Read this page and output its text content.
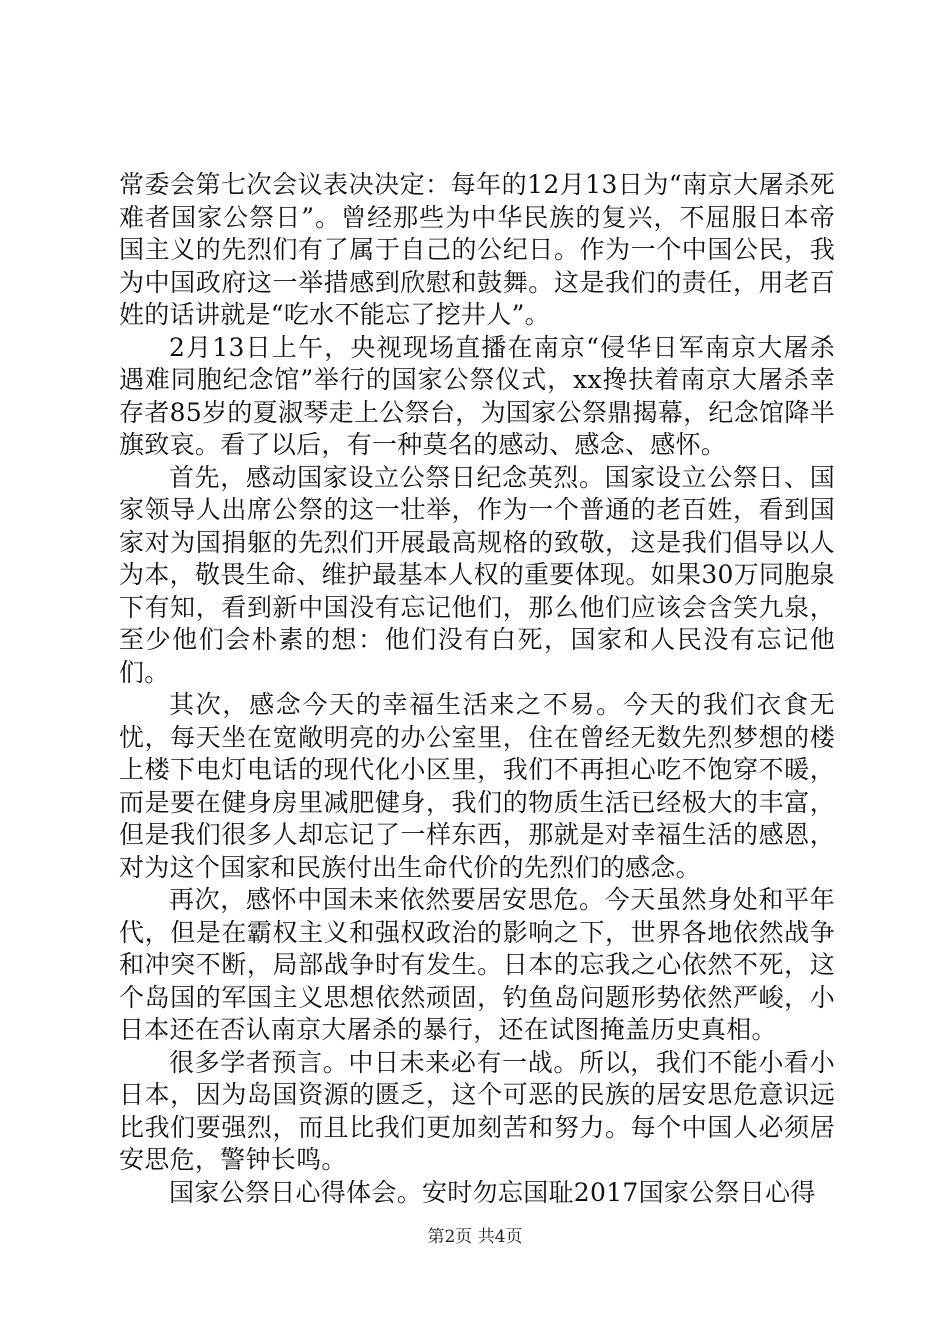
常委会第七次会议表决决定：每年的12月13日为“南京大屠杀死难者国家公祭日”。曾经那些为中华民族的复兴，不屈服日本帝国主义的先烈们有了属于自己的公纪日。作为一个中国公民，我为中国政府这一举措感到欣慰和鼓舞。这是我们的责任，用老百姓的话讲就是“吃水不能忘了挖井人”。

2月13日上午，央视现场直播在南京“侵华日军南京大屠杀遇难同胞纪念馆”举行的国家公祭仪式，xx搀扶着南京大屠杀幸存者85岁的夏淑琴走上公祭台，为国家公祭鼎揭幕，纪念馆降半旗致哀。看了以后，有一种莫名的感动、感念、感怀。

首先，感动国家设立公祭日纪念英烈。国家设立公祭日、国家领导人出席公祭的这一壮举，作为一个普通的老百姓，看到国家对为国捐躯的先烈们开展最高规格的致敬，这是我们倡导以人为本，敬畏生命、维护最基本人权的重要体现。如果30万同胞泉下有知，看到新中国没有忘记他们，那么他们应该会含笑九泉，至少他们会朴素的想：他们没有白死，国家和人民没有忘记他们。

其次，感念今天的幸福生活来之不易。今天的我们衣食无忧，每天坐在宽敞明亮的办公室里，住在曾经无数先烈梦想的楼上楼下电灯电话的现代化小区里，我们不再担心吃不饱穿不暖，而是要在健身房里减肥健身，我们的物质生活已经极大的丰富，但是我们很多人却忘记了一样东西，那就是对幸福生活的感恩，对为这个国家和民族付出生命代价的先烈们的感念。

再次，感怀中国未来依然要居安思危。今天虽然身处和平年代，但是在霸权主义和强权政治的影响之下，世界各地依然战争和冲突不断，局部战争时有发生。日本的忘我之心依然不死，这个岛国的军国主义思想依然顽固，钓鱼岛问题形势依然严峻，小日本还在否认南京大屠杀的暴行，还在试图掩盖历史真相。

很多学者预言。中日未来必有一战。所以，我们不能小看小日本，因为岛国资源的匮乏，这个可恶的民族的居安思危意识远比我们要强烈，而且比我们更加刻苦和努力。每个中国人必须居安思危，警钟长鸣。

国家公祭日心得体会。安时勿忘国耻2017国家公祭日心得

第2页 共4页
